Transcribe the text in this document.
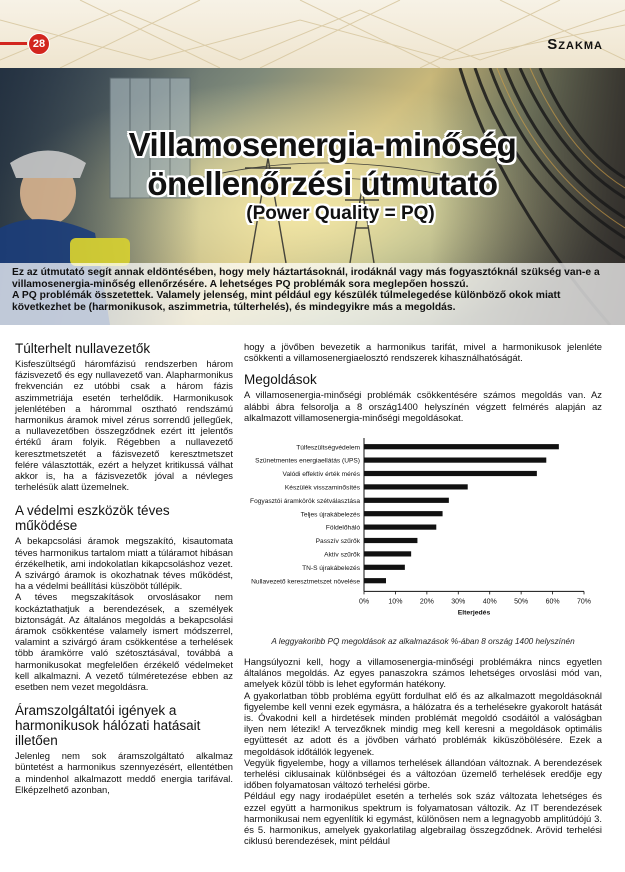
28	Szakma
Villamosenergia-minőség
önellenőrzési útmutató
(Power Quality = PQ)

Ez az útmutató segít annak eldöntésében, hogy mely háztartásoknál, irodáknál vagy más fogyasztóknál szükség van-e a villamosenergia-minőség ellenőrzésére. A lehetséges PQ problémák sora meglepően hosszú.

A PQ problémák összetettek. Valamely jelenség, mint például egy készülék túlmelegedése különböző okok miatt következhet be (harmonikusok, aszimmetria, túlterhelés), és mindegyikre más a megoldás.

Túlterhelt nullavezetők

Kisfeszültségű háromfázisú rendszerben három fázisvezető és egy nullavezető van. Alapharmonikus frekvencián ez utóbbi csak a három fázis aszimmetriája esetén terhelődik. Harmonikusok jelenlétében a hárommal osztható rendszámú harmonikus áramok mivel zérus sorrendű jellegűek, a nullavezetőben összegződnek ezért itt jelentős értékű áram folyik. Régebben a nullavezető keresztmetszetét a fázisvezető keresztmetszet felére választották, ezért a helyzet kritikussá válhat akkor is, ha a fázisvezetők jóval a névleges terhelésük alatt üzemelnek.

A védelmi eszközök téves működése

A bekapcsolási áramok megszakító, kisautomata téves harmonikus tartalom miatt a túláramot hibásan érzékelhetik, ami indokolatlan kikapcsoláshoz vezet. A szivárgó áramok is okozhatnak téves működést, ha a védelmi beállítási küszöböt túllépik.

A téves megszakítások orvoslásakor nem kockáztathatjuk a berendezések, a személyek biztonságát. Az általános megoldás a bekapcsolási áramok csökkentése valamely ismert módszerrel, valamint a szivárgó áram csökkentése a terhelések több áramkörre való szétosztásával, továbbá a harmonikusokat megfelelően érzékelő védelmeket kell alkalmazni. A vezető túlméretezése ebben az esetben nem vezet megoldásra.

Áramszolgáltatói igények a harmonikusok hálózati hatásait illetően

Jelenleg nem sok áramszolgáltató alkalmaz büntetést a harmonikus szennyezésért, ellentétben a mindenhol alkalmazott meddő energia tarifával. Elképzelhető azonban,

hogy a jövőben bevezetik a harmonikus tarifát, mivel a harmonikusok jelenléte csökkenti a villamosenergiaelosztó rendszerek kihasználhatóságát.

Megoldások

A villamosenergia-minőségi problémák csökkentésére számos megoldás van. Az alábbi ábra felsorolja a 8 ország1400 helyszínén végzett felmérés alapján az alkalmazott villamosenergia-minőségi megoldásokat.

Túlfeszültségvédelem
Szünetmentes energiaellátás (UPS)
Valódi effektív érték mérés
Készülék visszaminősítés
Fogyasztói áramkörök szétválasztása
Teljes újrakábelezés
Földelőháló
Passzív szűrők
Aktív szűrők
TN-S újrakábelezés
Nullavezető keresztmetszet növelése
0%	10% 20% 30% 40% 50% 60% 70%
Elterjedés
A leggyakoribb PQ megoldások az alkalmazások %-ában 8 ország 1400 helyszínén

Hangsúlyozni kell, hogy a villamosenergia-minőségi problémákra nincs egyetlen általános megoldás. Az egyes panaszokra számos lehetséges orvoslási mód van, amelyek közül több is lehet egyformán hatékony.

A gyakorlatban több probléma együtt fordulhat elő és az alkalmazott megoldásoknál figyelembe kell venni ezek egymásra, a hálózatra és a terhelésekre gyakorolt hatását is. Óvakodni kell a hirdetések minden problémát megoldó csodáitól a valóságban ilyen nem létezik! A tervezőknek mindig meg kell keresni a megoldások optimális együttesét az adott és a jövőben várható problémák kiküszöbölésére. Ezek a megoldások időtállók legyenek.

Vegyük figyelembe, hogy a villamos terhelések állandóan változnak. A berendezések terhelési ciklusainak különbségei és a változóan üzemelő terhelések eredője egy időben folyamatosan változó terhelési görbe.

Például egy nagy irodaépület esetén a terhelés sok száz változata lehetséges és ezzel együtt a harmonikus spektrum is folyamatosan változik. Az IT berendezések harmonikusai nem egyenlítik ki egymást, különösen nem a legnagyobb amplitúdójú 3. és 5. harmonikus, amelyek gyakorlatilag algebrailag összegződnek. Arövid terhelési ciklusú berendezések, mint például
